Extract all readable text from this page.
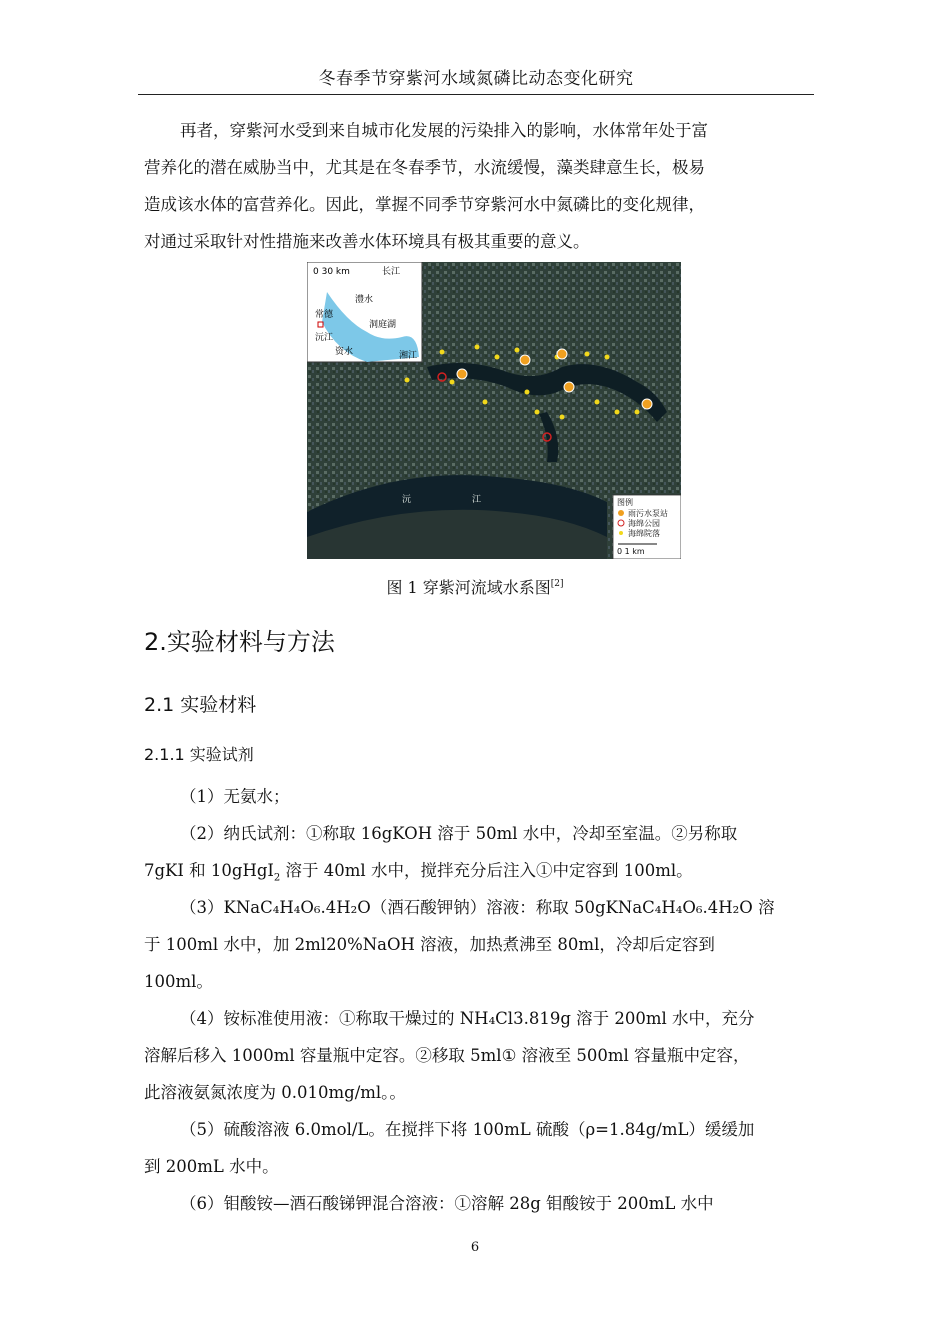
冬春季节穿紫河水域氮磷比动态变化研究
再者，穿紫河水受到来自城市化发展的污染排入的影响，水体常年处于富
营养化的潜在威胁当中，尤其是在冬春季节，水流缓慢，藻类肆意生长，极易
造成该水体的富营养化。因此，掌握不同季节穿紫河水中氮磷比的变化规律，
对通过采取针对性措施来改善水体环境具有极其重要的意义。
0 30 km	长江
澧水
常德
洞庭湖
沅江
资水	湘江
沅	江	图例
雨污水泵站
海绵公园
海绵院落
0 1 km
图 1 穿紫河流域水系图[2]
2.实验材料与方法
2.1 实验材料
2.1.1 实验试剂
（1）无氨水；
（2）纳氏试剂：①称取 16gKOH 溶于 50ml 水中，冷却至室温。②另称取
7gKI 和 10gHgI$_2$ 溶于 40ml 水中，搅拌充分后注入①中定容到 100ml。
（3）KNaC₄H₄O₆.4H₂O（酒石酸钾钠）溶液：称取 50gKNaC₄H₄O₆.4H₂O 溶
于 100ml 水中，加 2ml20%NaOH 溶液，加热煮沸至 80ml，冷却后定容到
100ml。
（4）铵标准使用液：①称取干燥过的 NH₄Cl3.819g 溶于 200ml 水中，充分
溶解后移入 1000ml 容量瓶中定容。②移取 5ml① 溶液至 500ml 容量瓶中定容，
此溶液氨氮浓度为 0.010mg/ml。。
（5）硫酸溶液 6.0mol/L。在搅拌下将 100mL 硫酸（ρ=1.84g/mL）缓缓加
到 200mL 水中。
（6）钼酸铵—酒石酸锑钾混合溶液：①溶解 28g 钼酸铵于 200mL 水中
6
